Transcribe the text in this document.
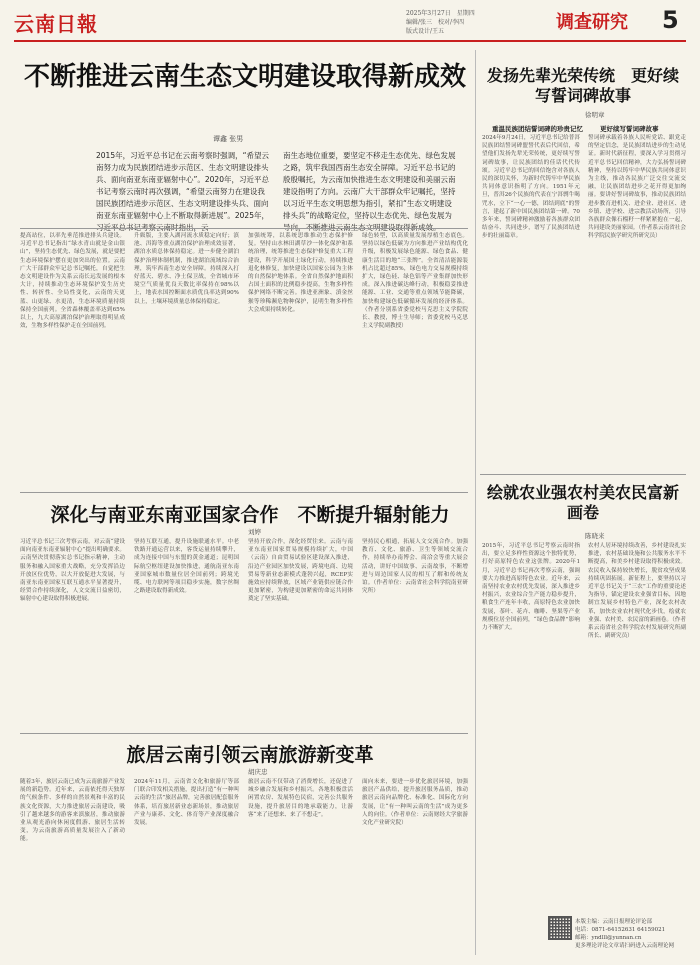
云南日報	2025年3月27日　星期四
编辑/张三　校对/李四
版式设计/王五	调查研究 5
不断推进云南生态文明建设取得新成效
谭鑫 张男
2015年，习近平总书记在云南考察时强调，“希望云南努力成为民族团结进步示范区、生态文明建设排头兵、面向南亚东南亚辐射中心”。2020年，习近平总书记考察云南时再次强调，“希望云南努力在建设我国民族团结进步示范区、生态文明建设排头兵、面向南亚东南亚辐射中心上不断取得新进展”。2025年，
南生态地位重要，要坚定不移走生态优先、绿色发展之路，筑牢我国西南生态安全屏障。习近平总书记的殷殷嘱托，为云南加快推进生态文明建设和美丽云南建设指明了方向。云南广大干部群众牢记嘱托，坚持以习近平生态文明思想为指引，紧扣“生态文明建设排头兵”的战略定位，坚持以生态优先、绿色发展为
提高站位，以率先垂范推进排头兵建设。习近平总书记指出“绿水青山就是金山银山”，坚持生态优先、绿色发展，就是要把生态环境保护摆在更加突出的位置。云南广大干部群众牢记总书记嘱托，自觉把生态文明建设作为关系云南长远发展的根本大计，持续推动生态环境保护发生历史性、转折性、全局性变化，云南的天更蓝、山更绿、水更清，生态环境质量持续保持全国前列。全省森林覆盖率达到65%以上，九大高原湖泊保护治理取得明显成效，生物多样性保护走在全国前列。
升級版，主要入湖河流水质稳定向好；滇池、洱海等重点湖泊保护治理成效显著，湖泊水质总体保持稳定。进一步健全湖泊保护治理体制机制，推进湖泊流域综合治理，筑牢西南生态安全屏障。持续深入打好蓝天、碧水、净土保卫战，全省城市环境空气质量优良天数比率保持在98%以上，地表水国控断面水质优良率达到90%以上，土壤环境质量总体保持稳定。
加强统筹，以系统思维推动生态保护修复。坚持山水林田湖草沙一体化保护和系统治理，统筹推进生态保护修复重大工程建设，科学开展国土绿化行动，持续推进退化林修复，加快建设以国家公园为主体的自然保护地体系。全省自然保护地面积占国土面积的比例稳步提高，生物多样性保护网络不断完善。推进亚洲象、滇金丝猴等珍稀濒危物种保护，昆明生物多样性大会成果持续转化。
绿色转型，以高质量发展厚植生态底色。坚持以绿色低碳为方向推进产业结构优化升级，积极发展绿色能源、绿色食品、健康生活目的地“三张牌”。全省清洁能源装机占比超过85%，绿色电力交易规模持续扩大，绿色硅、绿色铝等产业集群加快形成。深入推进碳达峰行动，积极稳妥推进能源、工业、交通等重点领域节能降碳，加快构建绿色低碳循环发展的经济体系。（作者分别系省委党校马克思主义学院院长、教授，博士生导师；省委党校马克思主义学院副教授）
深化与南亚东南亚国家合作　不断提升辐射能力
刘婷
习近平总书记三次考察云南，对云南“建设面向南亚东南亚辐射中心”提出明确要求。云南坚决贯彻落实总书记指示精神，主动服务和融入国家重大战略，充分发挥沿边开放区位优势，以大开放促进大发展，与南亚东南亚国家互联互通水平显著提升，经贸合作持续深化，人文交流日益密切，辐射中心建设取得积极进展。
坚持互联互通，提升设施联通水平。中老铁路开通运营以来，客货运量持续攀升，成为连接中国与东盟的黄金通道；昆明国际航空枢纽建设加快推进，通航南亚东南亚国家城市数量位居全国前列；跨境光缆、电力联网等项目稳步实施，数字丝绸之路建设取得新成效。
坚持开放合作，深化经贸往来。云南与南亚东南亚国家贸易规模持续扩大，中国（云南）自由贸易试验区建设深入推进，沿边产业园区加快发展，跨境电商、边境贸易等新业态新模式蓬勃兴起，RCEP实施效应持续释放，区域产业链供应链合作更加紧密，为构建更加紧密的命运共同体奠定了坚实基础。
坚持民心相通，拓展人文交流合作。加强教育、文化、旅游、卫生等领域交流合作，持续举办南博会、商洽会等重大展会活动，讲好中国故事、云南故事，不断增进与周边国家人民的相互了解和传统友谊。（作者单位：云南省社会科学院南亚研究所）
旅居云南引领云南旅游新变革
胡庆忠
随着3年，旅居云南已成为云南旅游产业发展的新趋势。近年来，云南依托得天独厚的气候条件、多样的自然景观和丰富的民族文化资源，大力推进旅居云南建设，吸引了越来越多的游客来滇旅居，推动旅游业从观光游向休闲度假游、旅居生活转变，为云南旅游高质量发展注入了新动能。
2024年11月，云南省文化和旅游厅等部门联合印发相关措施，提出打造“有一种叫云南的生活”旅居品牌，完善旅居配套服务体系，培育旅居新业态新场景，推动旅居产业与康养、文化、体育等产业深度融合发展。
旅居云南不仅带动了消费增长，还促进了城乡融合发展和乡村振兴。各地积极盘活闲置农房、发展特色民宿，完善公共服务设施，提升旅居目的地承载能力，让游客“来了还想来、来了不想走”。
面向未来，要进一步优化旅居环境，加强旅居产品供给，提升旅居服务品质，推动旅居云南向品牌化、标准化、国际化方向发展，让“有一种叫云南的生活”成为更多人的向往。（作者单位：云南财经大学旅游文化产业研究院）
发扬先辈光荣传统　更好续写誓词碑故事
徐明章
重温民族团结誓词碑的珍贵记忆
2024年9月24日，习近平总书记给普洱民族团结誓词碑盟誓代表后代回信，希望他们发扬先辈光荣传统，更好续写誓词碑故事，让民族团结的佳话代代传颂。习近平总书记的回信饱含对各族人民的深切关怀，为新时代铸牢中华民族共同体意识指明了方向。1951年元旦，普洱26个民族的代表在宁洱剽牛喝咒水，立下“一心一德，团结到底”的誓言，建起了新中国民族团结第一碑。70多年来，誓词碑精神激励着各族群众团结奋斗、共同进步，谱写了民族团结进步的壮丽篇章。
更好续写誓词碑故事
誓词碑承载着各族人民听党话、跟党走的坚定信念，是民族团结进步的生动见证。新时代新征程，要深入学习贯彻习近平总书记回信精神，大力弘扬誓词碑精神，坚持以铸牢中华民族共同体意识为主线，推动各民族广泛交往交流交融，让民族团结进步之花开得更加绚丽。要讲好誓词碑故事，推动民族团结进步教育进机关、进企业、进社区、进乡镇、进学校、进宗教活动场所，引导各族群众像石榴籽一样紧紧抱在一起，共同建设美丽家园。（作者系云南省社会科学院民族学研究所研究员）
绘就农业强农村美农民富新画卷
陈晓来
2015年，习近平总书记考察云南时指出，要立足多样性资源这个独特优势，打好高原特色农业这张牌。2020年1月，习近平总书记再次考察云南，强调要大力推进高原特色农业。近年来，云南坚持农业农村优先发展，深入推进乡村振兴，农业综合生产能力稳步提升，粮食生产连年丰收，高原特色农业加快发展，茶叶、花卉、咖啡、坚果等产业规模位居全国前列，“绿色食品牌”影响力不断扩大。
农村人居环境持续改善，乡村建设扎实推进，农村基础设施和公共服务水平不断提高，和美乡村建设取得积极成效。农民收入保持较快增长，脱贫攻坚成果持续巩固拓展。新征程上，要坚持以习近平总书记关于“三农”工作的重要论述为指导，锚定建设农业强省目标，因地制宜发展乡村特色产业，深化农村改革，加快农业农村现代化步伐，绘就农业强、农村美、农民富的新画卷。（作者系云南省社会科学院农村发展研究所副所长、副研究员）
本版主编：云南日报理论评论部
电话：0871-64152631 64159021
邮箱：yndlll@yunnan.cn
更多理论评论文章请扫码进入云南理论网
